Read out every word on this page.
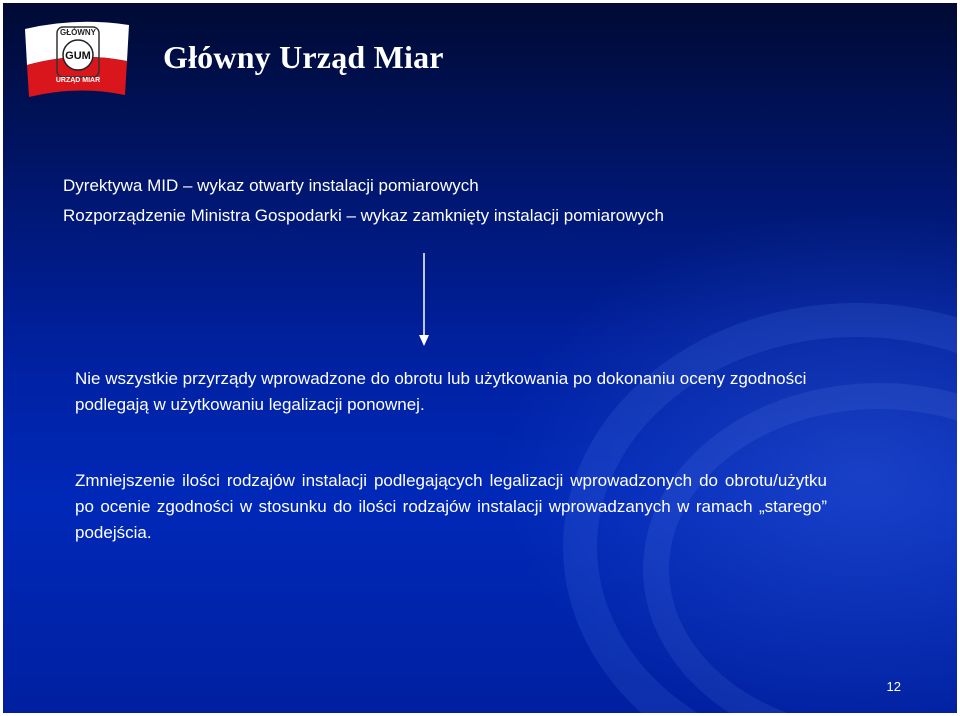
GŁÓWNY
GUM
URZĄD MIAR
Główny Urząd Miar
Dyrektywa MID – wykaz otwarty instalacji pomiarowych
Rozporządzenie Ministra Gospodarki – wykaz zamknięty instalacji pomiarowych
Nie wszystkie przyrządy wprowadzone do obrotu lub użytkowania po dokonaniu oceny zgodności podlegają w użytkowaniu legalizacji ponownej.
Zmniejszenie ilości rodzajów instalacji podlegających legalizacji wprowadzonych do obrotu/użytku po ocenie zgodności w stosunku do ilości rodzajów instalacji wprowadzanych w ramach „starego” podejścia.
12
